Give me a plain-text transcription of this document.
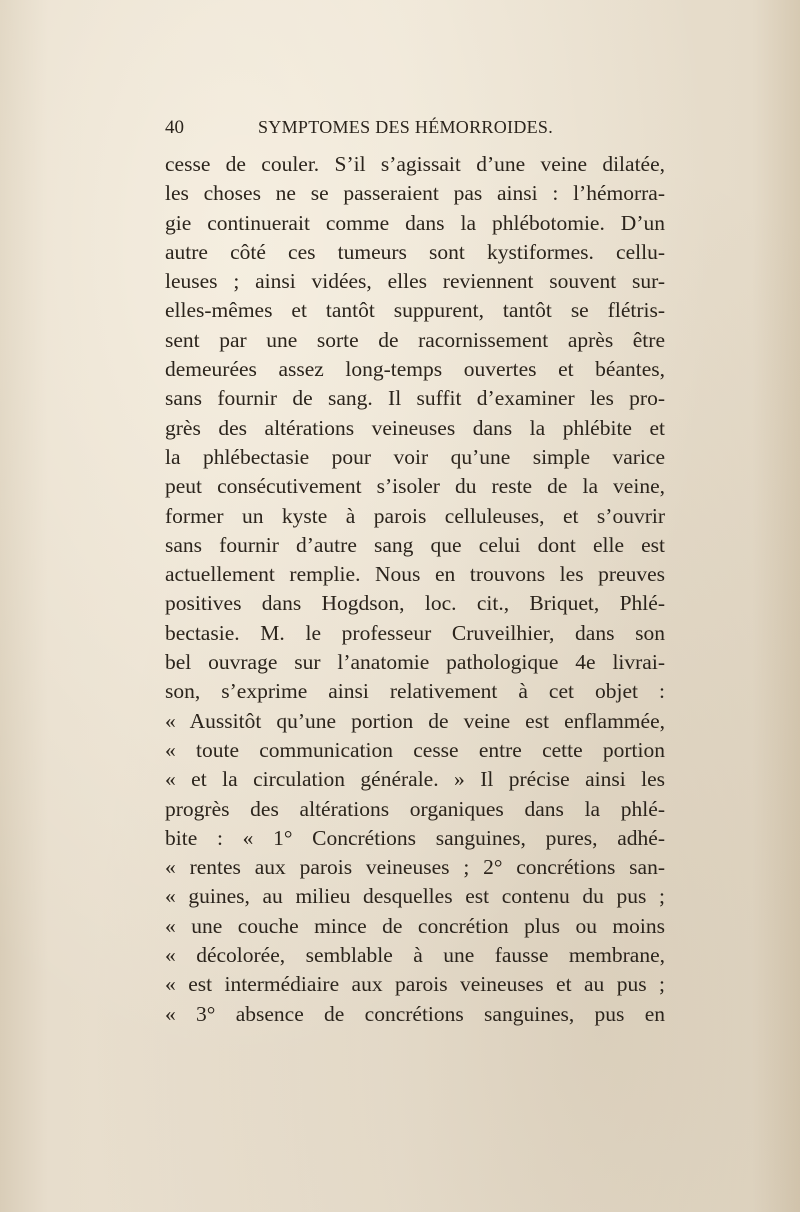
40	SYMPTOMES DES HÉMORROIDES.
cesse de couler. S’il s’agissait d’une veine dilatée,
les choses ne se passeraient pas ainsi : l’hémorra-
gie continuerait comme dans la phlébotomie. D’un
autre côté ces tumeurs sont kystiformes. cellu-
leuses ; ainsi vidées, elles reviennent souvent sur-
elles-mêmes et tantôt suppurent, tantôt se flétris-
sent par une sorte de racornissement après être
demeurées assez long-temps ouvertes et béantes,
sans fournir de sang. Il suffit d’examiner les pro-
grès des altérations veineuses dans la phlébite et
la phlébectasie pour voir qu’une simple varice
peut consécutivement s’isoler du reste de la veine,
former un kyste à parois celluleuses, et s’ouvrir
sans fournir d’autre sang que celui dont elle est
actuellement remplie. Nous en trouvons les preuves
positives dans Hogdson, loc. cit., Briquet, Phlé-
bectasie. M. le professeur Cruveilhier, dans son
bel ouvrage sur l’anatomie pathologique 4e livrai-
son, s’exprime ainsi relativement à cet objet :
« Aussitôt qu’une portion de veine est enflammée,
« toute communication cesse entre cette portion
« et la circulation générale. » Il précise ainsi les
progrès des altérations organiques dans la phlé-
bite : « 1° Concrétions sanguines, pures, adhé-
« rentes aux parois veineuses ; 2° concrétions san-
« guines, au milieu desquelles est contenu du pus ;
« une couche mince de concrétion plus ou moins
« décolorée, semblable à une fausse membrane,
« est intermédiaire aux parois veineuses et au pus ;
« 3° absence de concrétions sanguines, pus en
